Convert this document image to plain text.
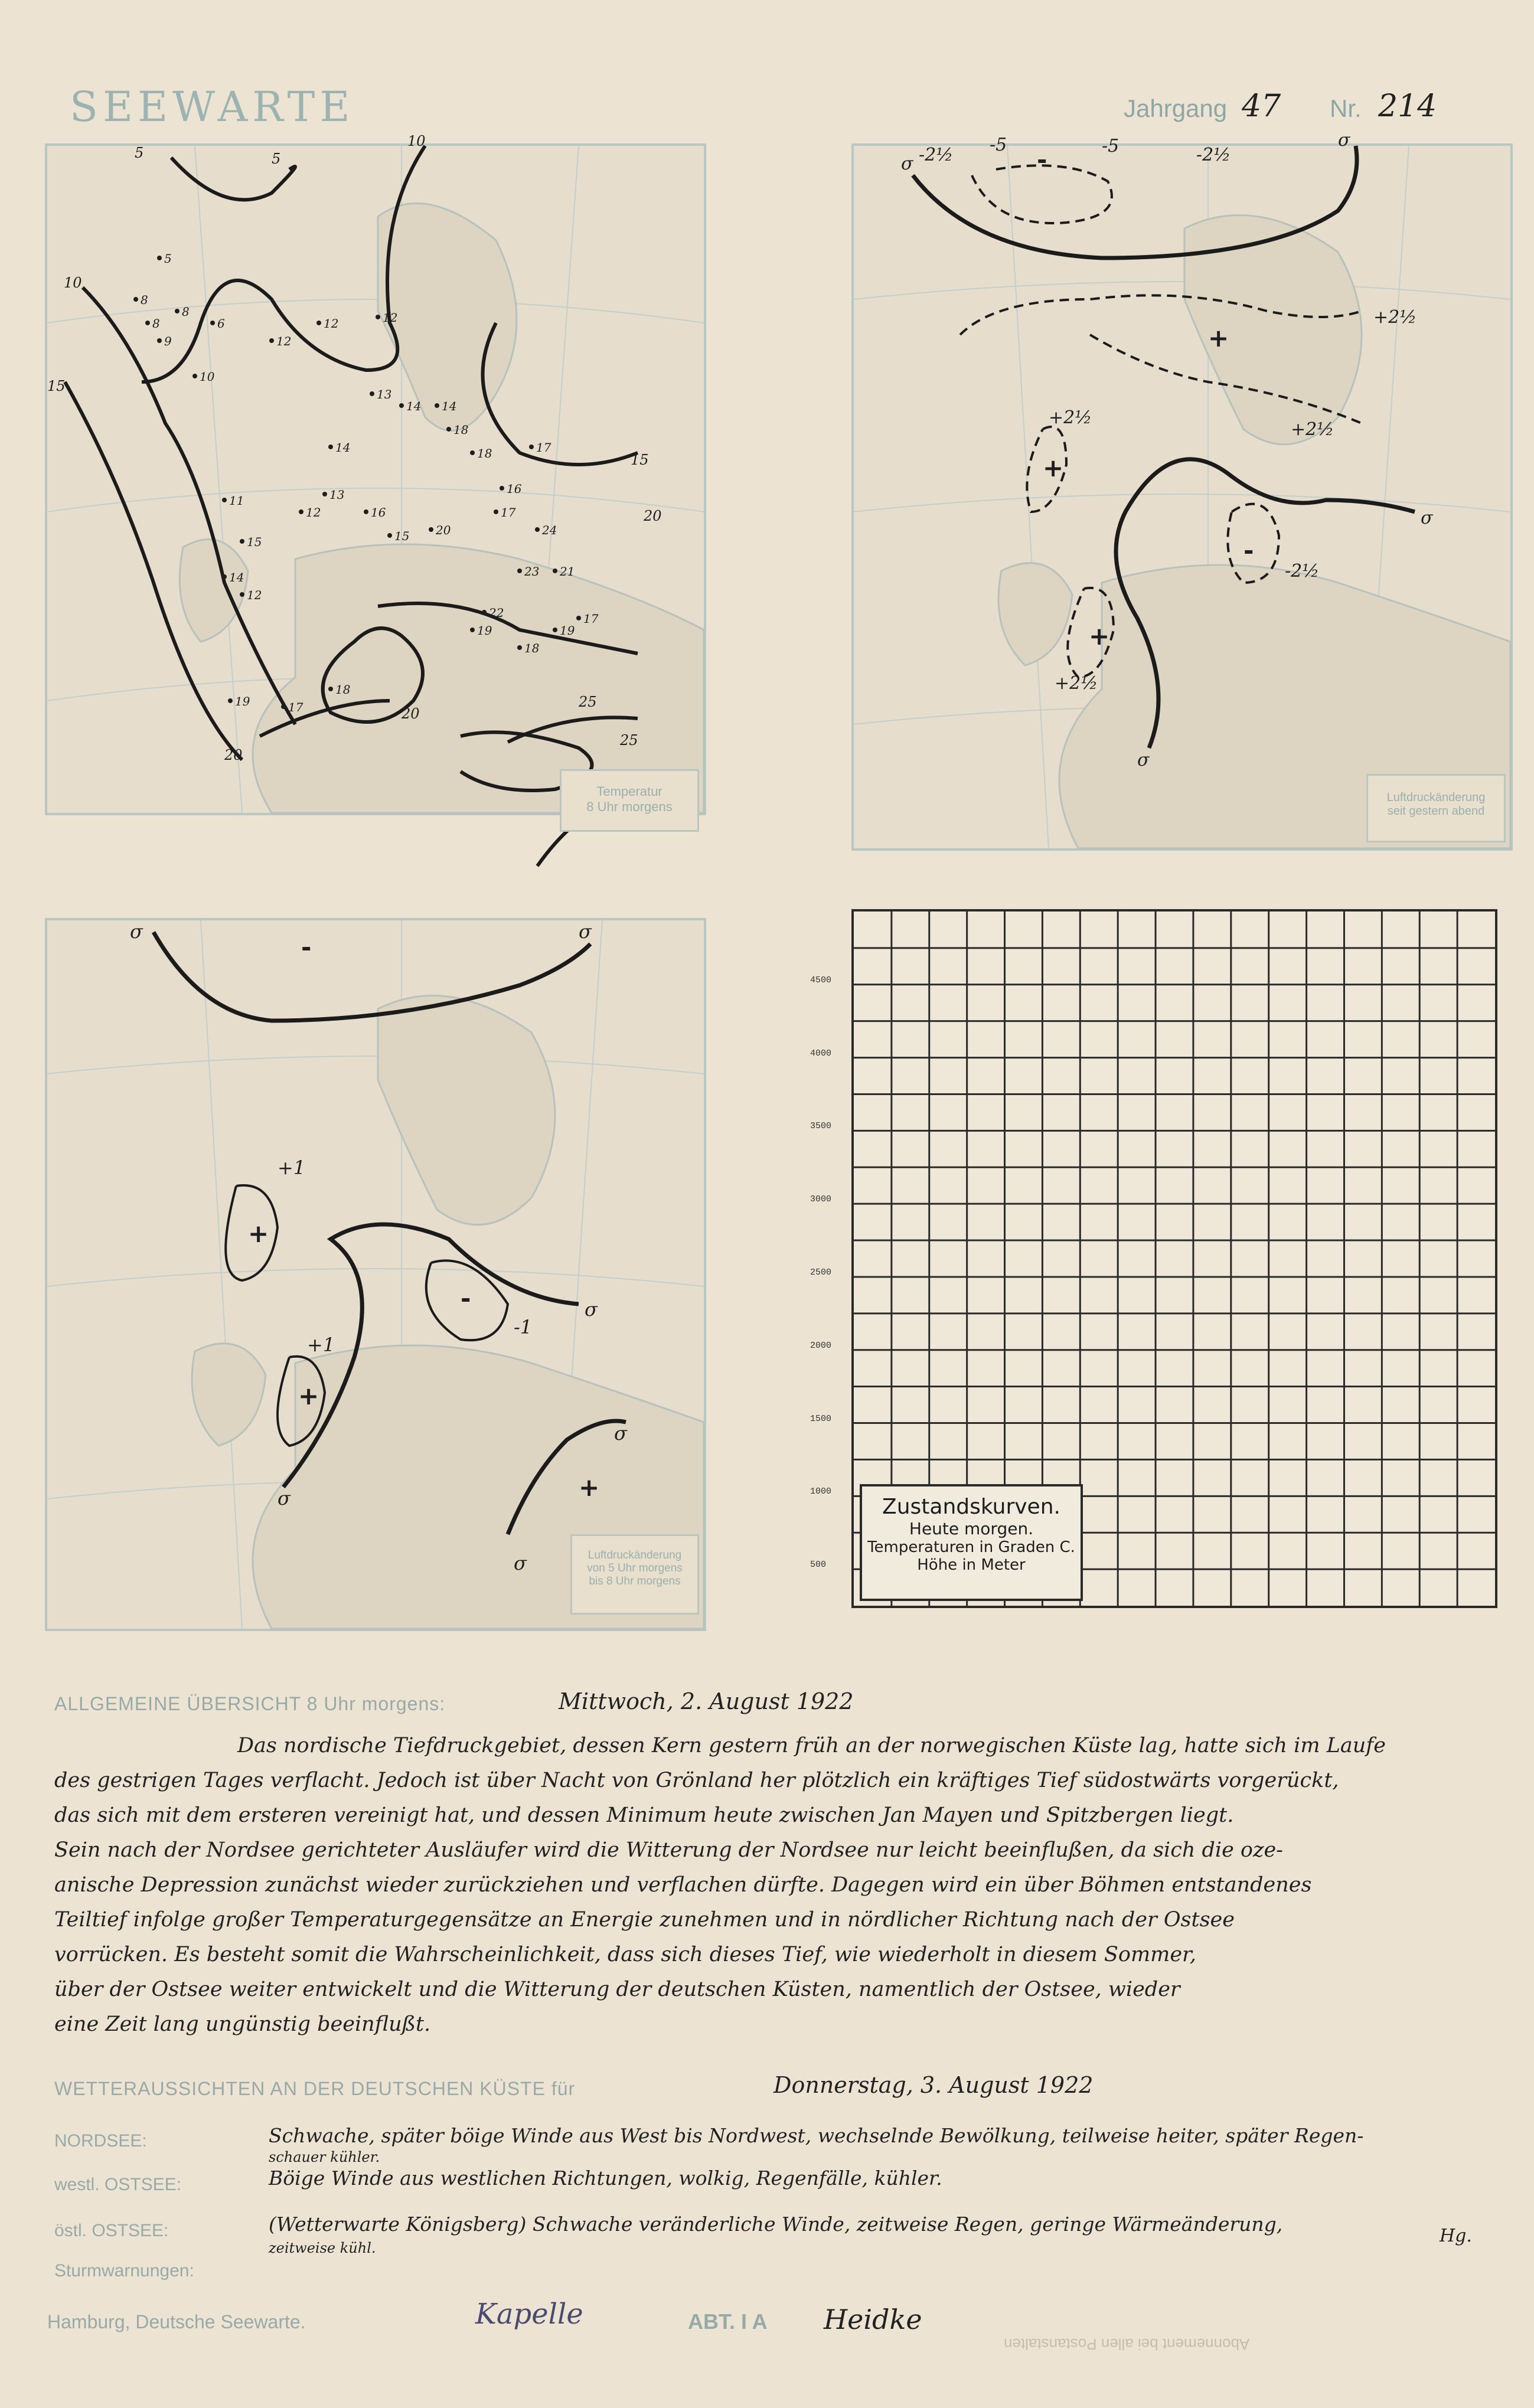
SEEWARTE	Jahrgang 47 Nr. 214
5	5
10
10
15
15
20
20
25
25
20
5
8
8
8	6
9
10
12
12	12
14 14
13
14
18
18	17
16
17
20	24
21
23
22
19
18
19
17
15
16
13
12
11
15
14
12
19	17
18
Temperatur
8 Uhr morgens
σ
σ
-2½ -5	-5	-2½
+2½
+2½
+2½
-2½
+2½
σ
σ
+
+
+
-
-
Luftdruckänderung
seit gestern abend
σ	σ
+1
+1
-1
σ
σ
σ
σ
-
+
+
-
+
Luftdruckänderung
von 5 Uhr morgens
bis 8 Uhr morgens
Zustandskurven.
Heute morgen.
Temperaturen in Graden C.
Höhe in Meter
4500
4000
3500
3000
2500
2000
1500
1000
500
ALLGEMEINE ÜBERSICHT 8 Uhr morgens:	Mittwoch, 2. August 1922
Das nordische Tiefdruckgebiet, dessen Kern gestern früh an der norwegischen Küste lag, hatte sich im Laufe
des gestrigen Tages verflacht. Jedoch ist über Nacht von Grönland her plötzlich ein kräftiges Tief südostwärts vorgerückt,
das sich mit dem ersteren vereinigt hat, und dessen Minimum heute zwischen Jan Mayen und Spitzbergen liegt.
Sein nach der Nordsee gerichteter Ausläufer wird die Witterung der Nordsee nur leicht beeinflußen, da sich die oze-
anische Depression zunächst wieder zurückziehen und verflachen dürfte. Dagegen wird ein über Böhmen entstandenes
Teiltief infolge großer Temperaturgegensätze an Energie zunehmen und in nördlicher Richtung nach der Ostsee
vorrücken. Es besteht somit die Wahrscheinlichkeit, dass sich dieses Tief, wie wiederholt in diesem Sommer,
über der Ostsee weiter entwickelt und die Witterung der deutschen Küsten, namentlich der Ostsee, wieder
eine Zeit lang ungünstig beeinflußt.
WETTERAUSSICHTEN AN DER DEUTSCHEN KÜSTE für	Donnerstag, 3. August 1922
NORDSEE:	Schwache, später böige Winde aus West bis Nordwest, wechselnde Bewölkung, teilweise heiter, später Regen-
schauer kühler.
westl. OSTSEE:	Böige Winde aus westlichen Richtungen, wolkig, Regenfälle, kühler.
östl. OSTSEE:	(Wetterwarte Königsberg) Schwache veränderliche Winde, zeitweise Regen, geringe Wärmeänderung,
zeitweise kühl.
Hg.
Sturmwarnungen:
Hamburg, Deutsche Seewarte.	Kapelle	ABT. I A Heidke
Abonnement bei allen Postanstalten
